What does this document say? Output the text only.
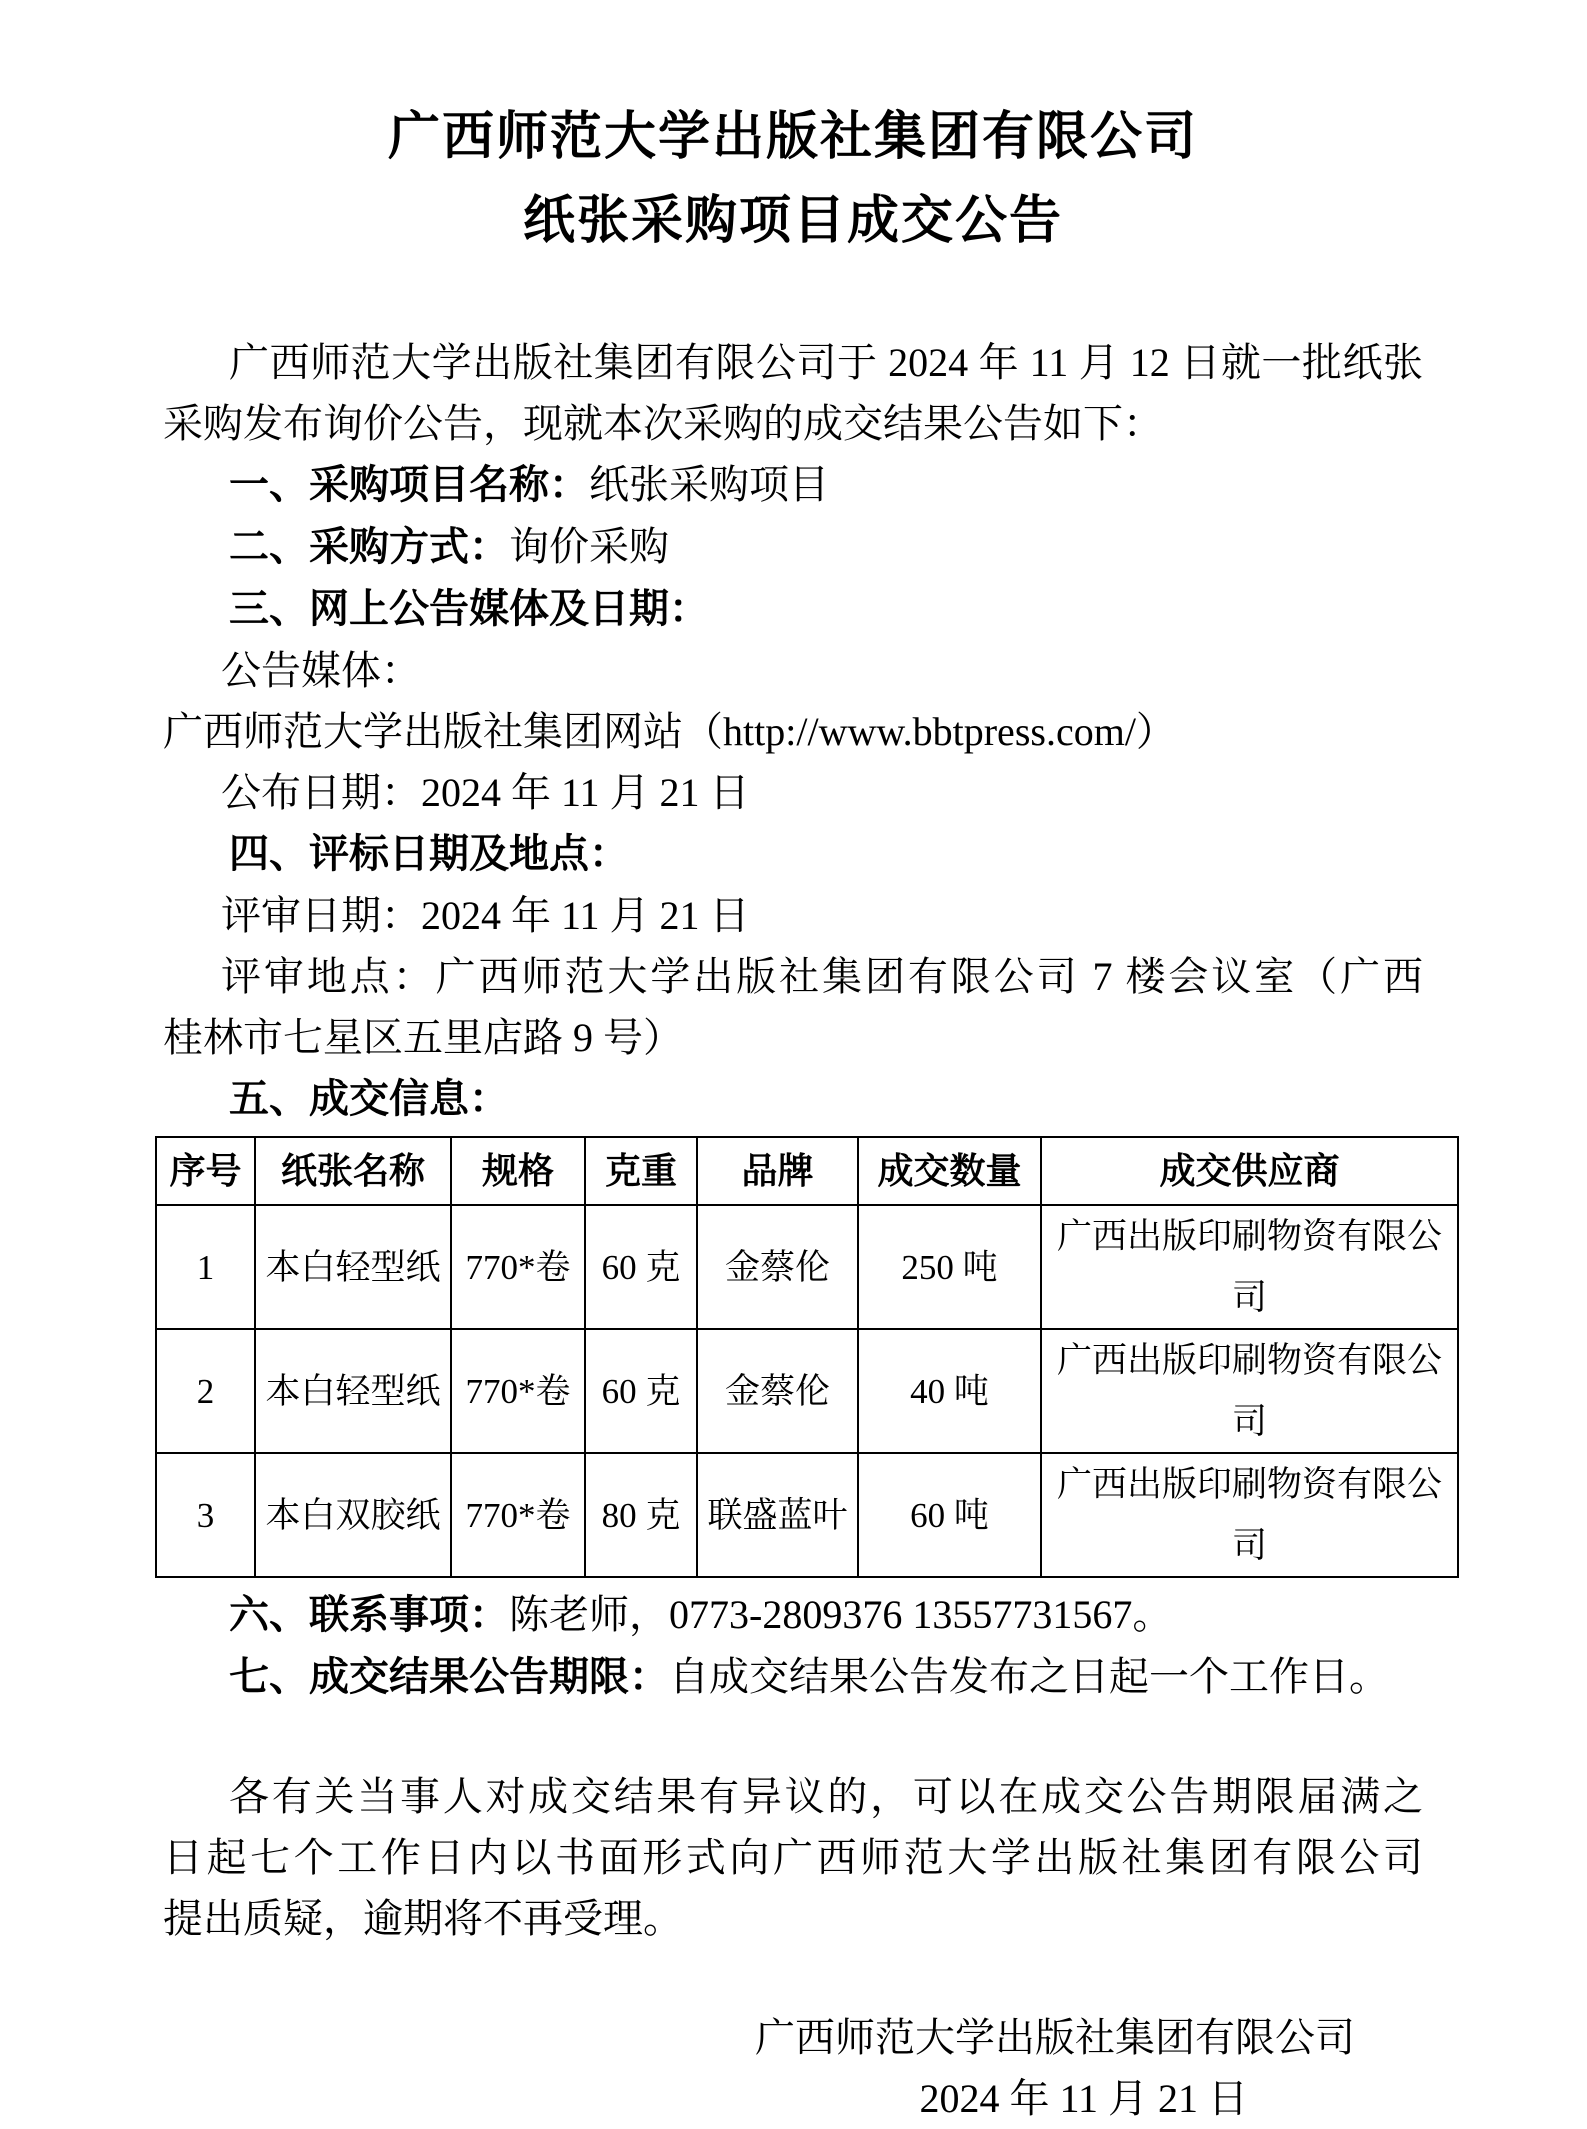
广西师范大学出版社集团有限公司
纸张采购项目成交公告
广西师范大学出版社集团有限公司于 2024 年 11 月 12 日就一批纸张
采购发布询价公告，现就本次采购的成交结果公告如下：
一、采购项目名称：纸张采购项目
二、采购方式：询价采购
三、网上公告媒体及日期：
公告媒体：广西师范大学出版社集团网站（http://www.bbtpress.com/）
公布日期：2024 年 11 月 21 日
四、评标日期及地点：
评审日期：2024 年 11 月 21 日
评审地点：广西师范大学出版社集团有限公司 7 楼会议室（广西
桂林市七星区五里店路 9 号）
五、成交信息：
序号	纸张名称	规格	克重	品牌	成交数量	成交供应商
1	本白轻型纸	770*卷	60 克	金蔡伦	250 吨	广西出版印刷物资有限公司
2	本白轻型纸	770*卷	60 克	金蔡伦	40 吨	广西出版印刷物资有限公司
3	本白双胶纸	770*卷	80 克	联盛蓝叶	60 吨	广西出版印刷物资有限公司
六、联系事项：陈老师，0773-2809376 13557731567。
七、成交结果公告期限：自成交结果公告发布之日起一个工作日。
各有关当事人对成交结果有异议的，可以在成交公告期限届满之
日起七个工作日内以书面形式向广西师范大学出版社集团有限公司
提出质疑，逾期将不再受理。
广西师范大学出版社集团有限公司
2024 年 11 月 21 日
